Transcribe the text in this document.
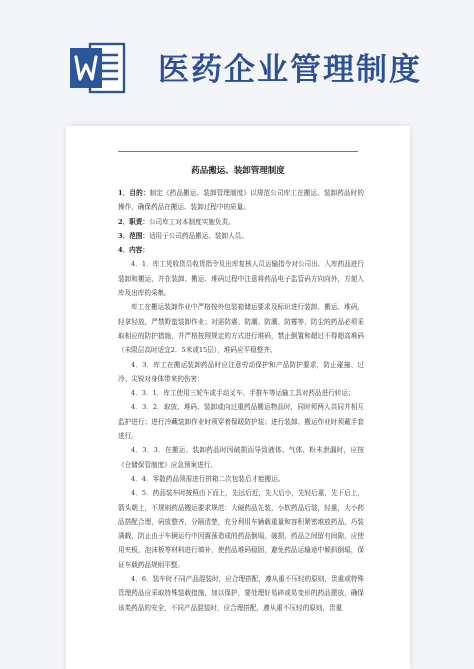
医药企业管理制度
药品搬运、装卸管理制度

1．目的：制定《药品搬运、装卸管理制度》以规范公司库工在搬运、装卸药品时的操作，确保药品在搬运、装卸过程中的质量。

2．职责：公司库工对本制度实施负责。

3．范围：适用于公司药品搬运、装卸人员。

4．内容：

4．1．库工凭收货员收货指令及出库复核人员运输指令对公司出、入库药品进行装卸和搬运，并在装卸、搬运、堆码过程中注意将药品电子监管码方向向外，方便入库及出库的采集。

库工在搬运装卸作业中严格按外包装箱储运要求及标识进行装卸、搬运、堆码，轻拿轻放，严禁野蛮装卸作业；对需防震、防潮、防潮、防霉等，防尘的药品必须采取相应的防护措施，并严格按照规定的方式进行堆码，禁止倒置和超过不得超高堆码（未限层高时适宜2．5米或15层），堆码应平稳整齐。

4．3．库工在搬运装卸药品时应注意劳动保护和产品防护要求，防止碰撞、过冷、尖锐对身体带来的伤害：

4．3．1．库工使用三轮车或手动叉车、手推车等运输工具对药品进行转运；

4．3．2．取放、堆码、装卸或向过重药品搬运物品时，同时须两人共同并相互监护进行；进行冷藏装卸作业时须穿着保暖防护装；进行装卸、搬运作业时须戴手套进行。

4．3．3．在搬运、装卸药品时因破损而导致液体、气体、粉末泄漏时，应按《仓储保管制度》应急预案进行。

4．4．零散药品须需进行拼箱二次包装后才能搬运。

4．5．药品装车时按照由下而上，先远后近，先大后小，先轻后重，先下后上，箭头朝上，不规则药品搬运要求规范：大硬药品先装，小软药品后装，轻重，大小药品搭配合理，码放整齐，分隔清楚，充分利用车辆载重量和容积紧密堆放药品，巧装满载，防止由于车辆运行中因震荡造成的药品倒塌，破损，药品之间留有间隙，应使用夹板，泡沫板等材料进行填补，使药品堆码稳固，避免药品运输途中倾斜倒塌，保证车载药品规则平整。

4．6．装车时不同产品混装时，应合理搭配，遵从重不压轻的原则，贵重或特殊管理药品应采取特殊装载措施，加以保护，要处理好易碎或易变形的药品摆放，确保该类药品的安全，不同产品混装时，应合理搭配，遵从重不压轻的原则，贵重
